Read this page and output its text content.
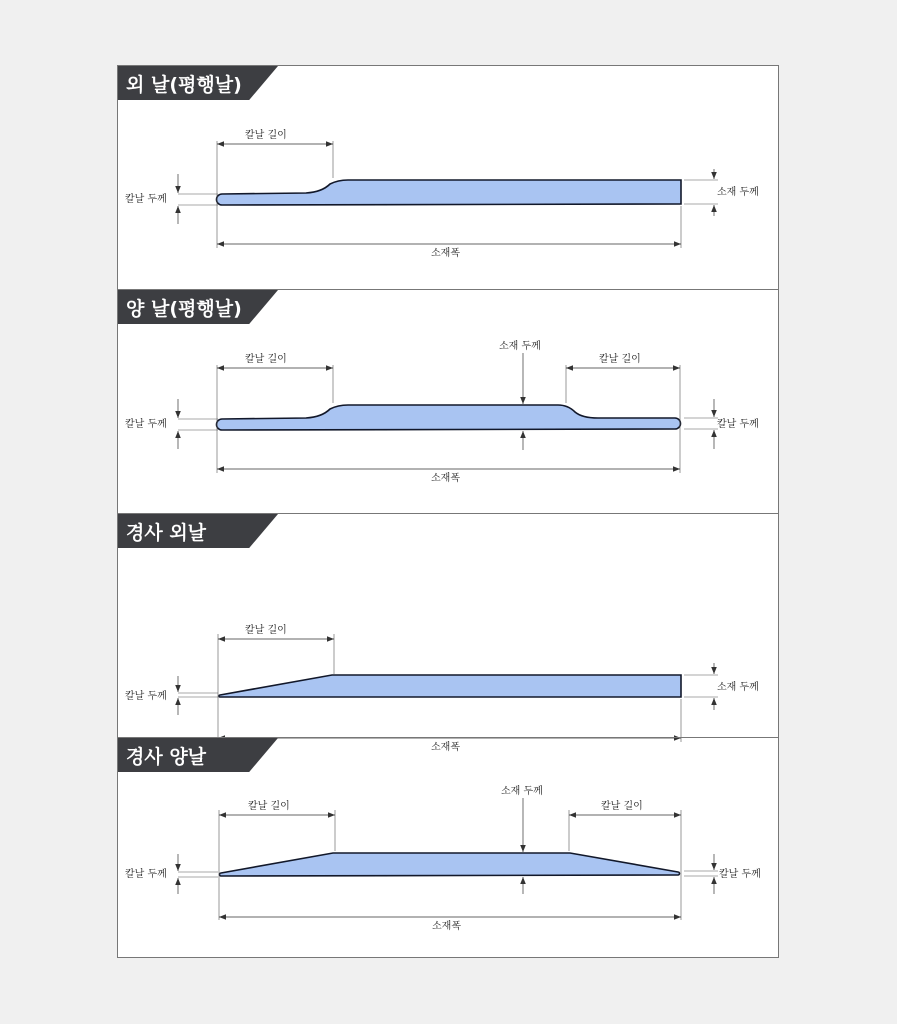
외 날(평행날)
칼날 길이
칼날 두께
소재 두께
소재폭
양 날(평행날)
칼날 길이	칼날 길이
소재 두께
칼날 두께	칼날 두께
소재폭
경사 외날
칼날 길이
칼날 두께
소재 두께
소재폭
경사 양날
칼날 길이	칼날 길이
소재 두께
칼날 두께	칼날 두께
소재폭
